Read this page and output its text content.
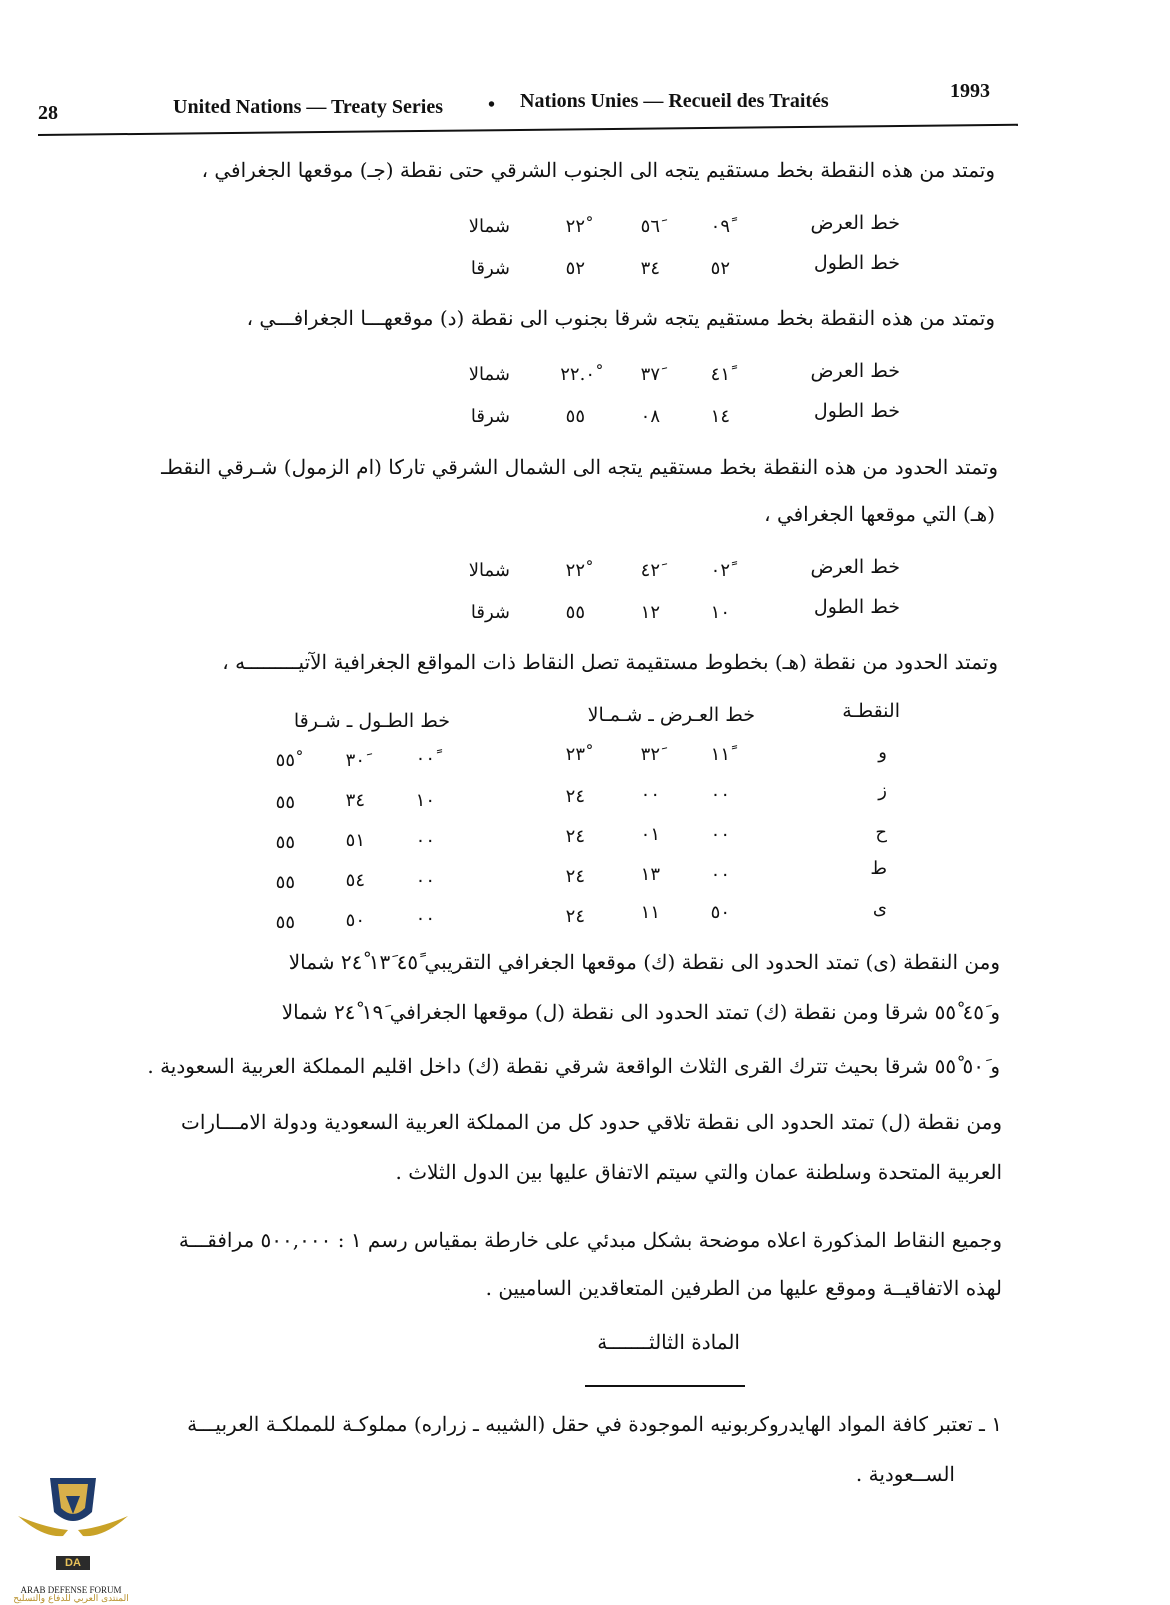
28	United Nations — Treaty Series • Nations Unies — Recueil des Traités	1993
وتمتد من هذه النقطة بخط مستقيم يتجه الى الجنوب الشرقي حتى نقطة (جـ) موقعها الجغرافي ،
خط العرض
٠٩ً
٥٦َ
٢٢ْ
شمالا
خط الطول
٥٢
٣٤
٥٢
شرقا
وتمتد من هذه النقطة بخط مستقيم يتجه شرقا بجنوب الى نقطة (د) موقعهـــا الجغرافـــي ،
خط العرض
٤١ً
٣٧َ
٢٢.٠ْ
شمالا
خط الطول
١٤
٠٨
٥٥
شرقا
وتمتد الحدود من هذه النقطة بخط مستقيم يتجه الى الشمال الشرقي تاركا (ام الزمول) شـرقي النقطـ
(هـ) التي موقعها الجغرافي ،
خط العرض
٠٢ً
٤٢َ
٢٢ْ
شمالا
خط الطول
١٠
١٢
٥٥
شرقا
وتمتد الحدود من نقطة (هـ) بخطوط مستقيمة تصل النقاط ذات المواقع الجغرافية الآتيـــــــــه ،
النقطـة
خط العـرض ـ شـمـالا
خط الطـول ـ شـرقا
و
١١ً
٣٢َ
٢٣ْ
٠٠ً
٣٠َ
٥٥ْ
ز
٠٠
٠٠
٢٤
١٠
٣٤
٥٥
ح
٠٠
٠١
٢٤
٠٠
٥١
٥٥
ط
٠٠
١٣
٢٤
٠٠
٥٤
٥٥
ى
٥٠
١١
٢٤
٠٠
٥٠
٥٥
ومن النقطة (ى) تمتد الحدود الى نقطة (ك) موقعها الجغرافي التقريبي ٤٥ً ١٣َ ٢٤ْ شمالا
و ٤٥َ ٥٥ْ شرقا ومن نقطة (ك) تمتد الحدود الى نقطة (ل) موقعها الجغرافي ١٩َ ٢٤ْ شمالا
و ٥٠َ ٥٥ْ شرقا بحيث تترك القرى الثلاث الواقعة شرقي نقطة (ك) داخل اقليم المملكة العربية السعودية .
ومن نقطة (ل) تمتد الحدود الى نقطة تلاقي حدود كل من المملكة العربية السعودية ودولة الامـــارات
العربية المتحدة وسلطنة عمان والتي سيتم الاتفاق عليها بين الدول الثلاث .
وجميع النقاط المذكورة اعلاه موضحة بشكل مبدئي على خارطة بمقياس رسم ١ : ٥٠٠,٠٠٠ مرافقـــة
لهذه الاتفاقيــة وموقع عليها من الطرفين المتعاقدين الساميين .
المادة الثالثـــــــة
١ ـ تعتبر كافة المواد الهايدروكربونيه الموجودة في حقل (الشيبه ـ زراره) مملوكـة للمملكـة العربيـــة
الســعودية .
DA
ARAB DEFENSE FORUM
المنتدى العربي للدفاع والتسليح
